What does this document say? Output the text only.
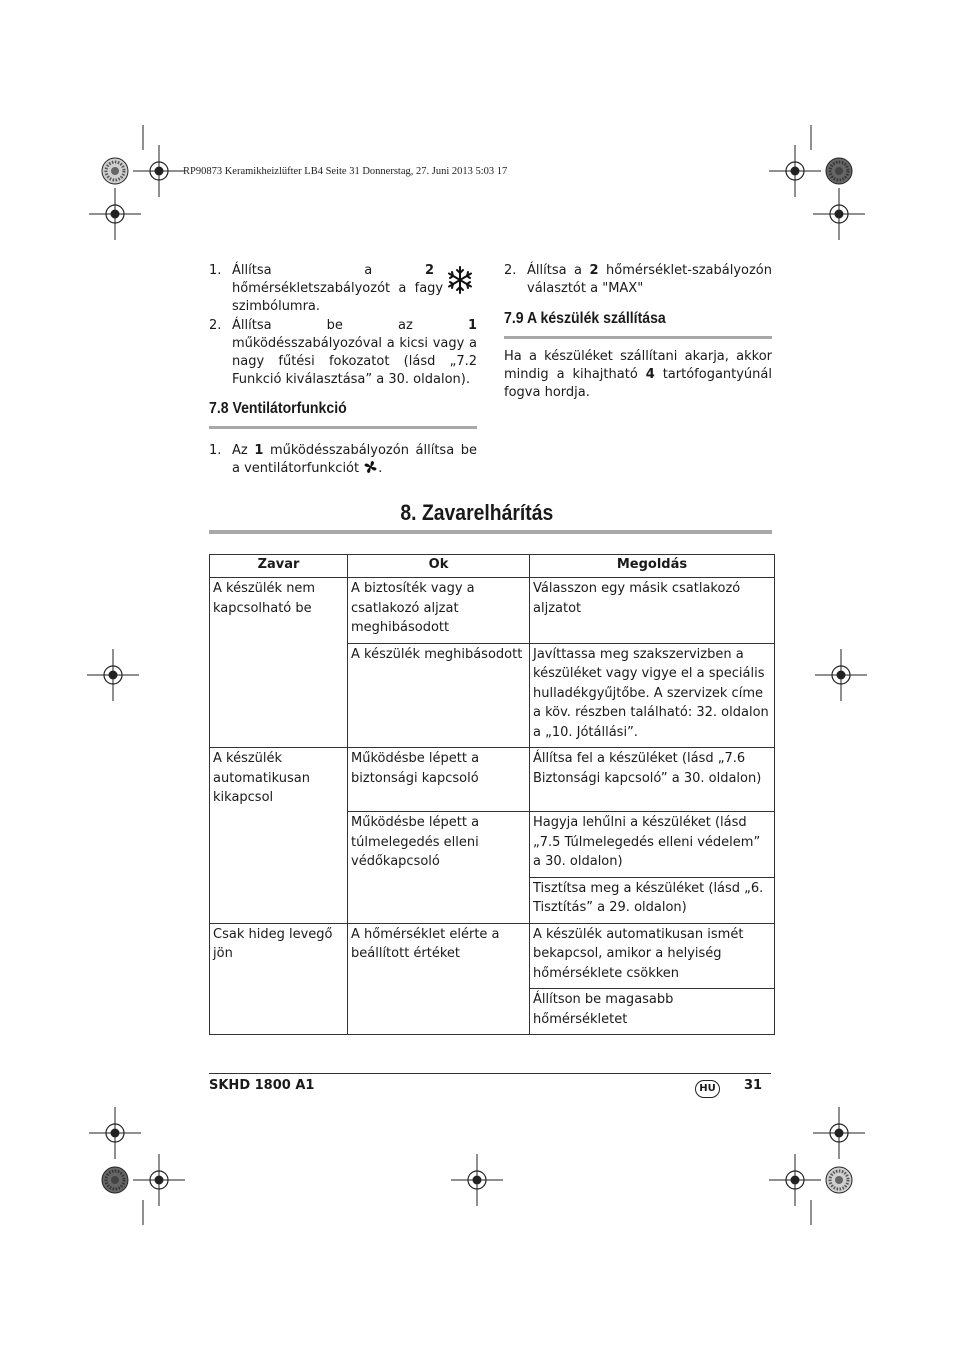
RP90873 Keramikheizlüfter LB4 Seite 31 Donnerstag, 27. Juni 2013 5:03 17
1. Állítsa	a	2
hőmérsékletszabályozót  a  fagy
szimbólumra.
2. Állítsa be az 1 működésszabályozóval a kicsi vagy a nagy fűtési fokozatot (lásd „7.2 Funkció kiválasztása” a 30. oldalon).
7.8 Ventilátorfunkció
1. Az 1 működésszabályozón állítsa be a ventilátorfunkciót .
2. Állítsa a 2 hőmérséklet-szabályozón választót a "MAX"
7.9 A készülék szállítása
Ha a készüléket szállítani akarja, akkor mindig a kihajtható 4 tartófogantyúnál fogva hordja.
8. Zavarelhárítás
Zavar	Ok	Megoldás
A készülék nem kapcsolható be	A biztosíték vagy a csatlakozó aljzat meghibásodott	Válasszon egy másik csatlakozó aljzatot
	A készülék meghibásodott	Javíttassa meg szakszervizben a készüléket vagy vigye el a speciális hulladékgyűjtőbe. A szervizek címe a köv. részben található: 32. oldalon a „10. Jótállási”.
A készülék automatikusan kikapcsol	Működésbe lépett a biztonsági kapcsoló	Állítsa fel a készüléket (lásd „7.6 Biztonsági kapcsoló” a 30. oldalon)
	Működésbe lépett a túlmelegedés elleni védőkapcsoló	Hagyja lehűlni a készüléket (lásd „7.5 Túlmelegedés elleni védelem” a 30. oldalon)
		Tisztítsa meg a készüléket (lásd „6. Tisztítás” a 29. oldalon)
Csak hideg levegő jön	A hőmérséklet elérte a beállított értéket	A készülék automatikusan ismét bekapcsol, amikor a helyiség hőmérséklete csökken
		Állítson be magasabb hőmérsékletet
SKHD 1800 A1	HU	31
